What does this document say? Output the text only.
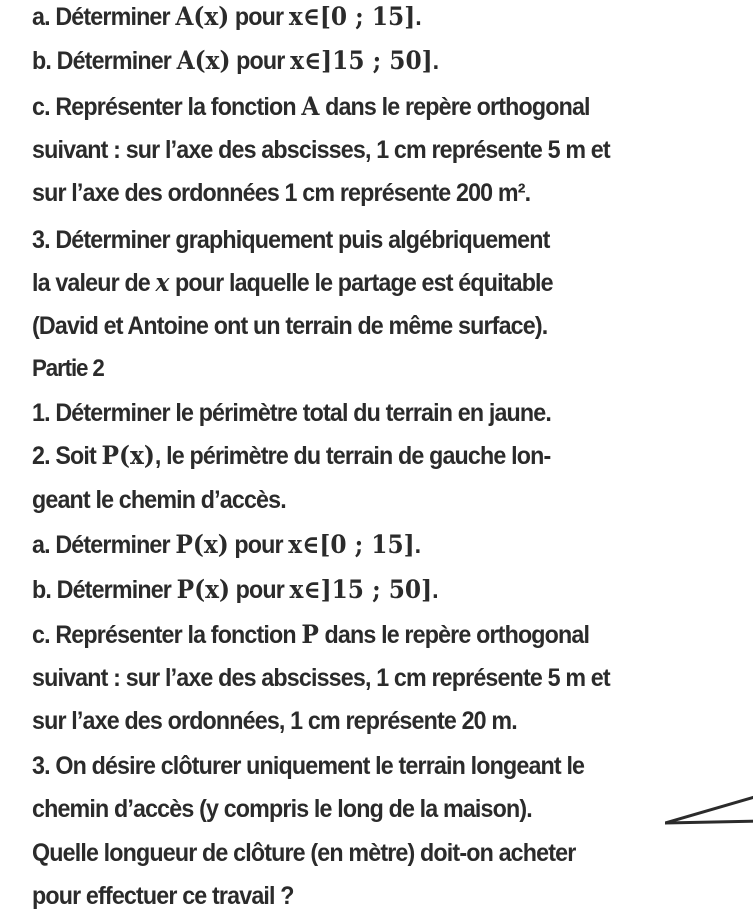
a. Déterminer A(x) pour x∈[0 ; 15].
b. Déterminer A(x) pour x∈]15 ; 50].
c. Représenter la fonction A dans le repère orthogonal
suivant : sur l’axe des abscisses, 1 cm représente 5 m et
sur l’axe des ordonnées 1 cm représente 200 m².
3. Déterminer graphiquement puis algébriquement
la valeur de x pour laquelle le partage est équitable
(David et Antoine ont un terrain de même surface).
Partie 2
1. Déterminer le périmètre total du terrain en jaune.
2. Soit P(x), le périmètre du terrain de gauche lon-
geant le chemin d’accès.
a. Déterminer P(x) pour x∈[0 ; 15].
b. Déterminer P(x) pour x∈]15 ; 50].
c. Représenter la fonction P dans le repère orthogonal
suivant : sur l’axe des abscisses, 1 cm représente 5 m et
sur l’axe des ordonnées, 1 cm représente 20 m.
3. On désire clôturer uniquement le terrain longeant le
chemin d’accès (y compris le long de la maison).
Quelle longueur de clôture (en mètre) doit-on acheter
pour effectuer ce travail ?
